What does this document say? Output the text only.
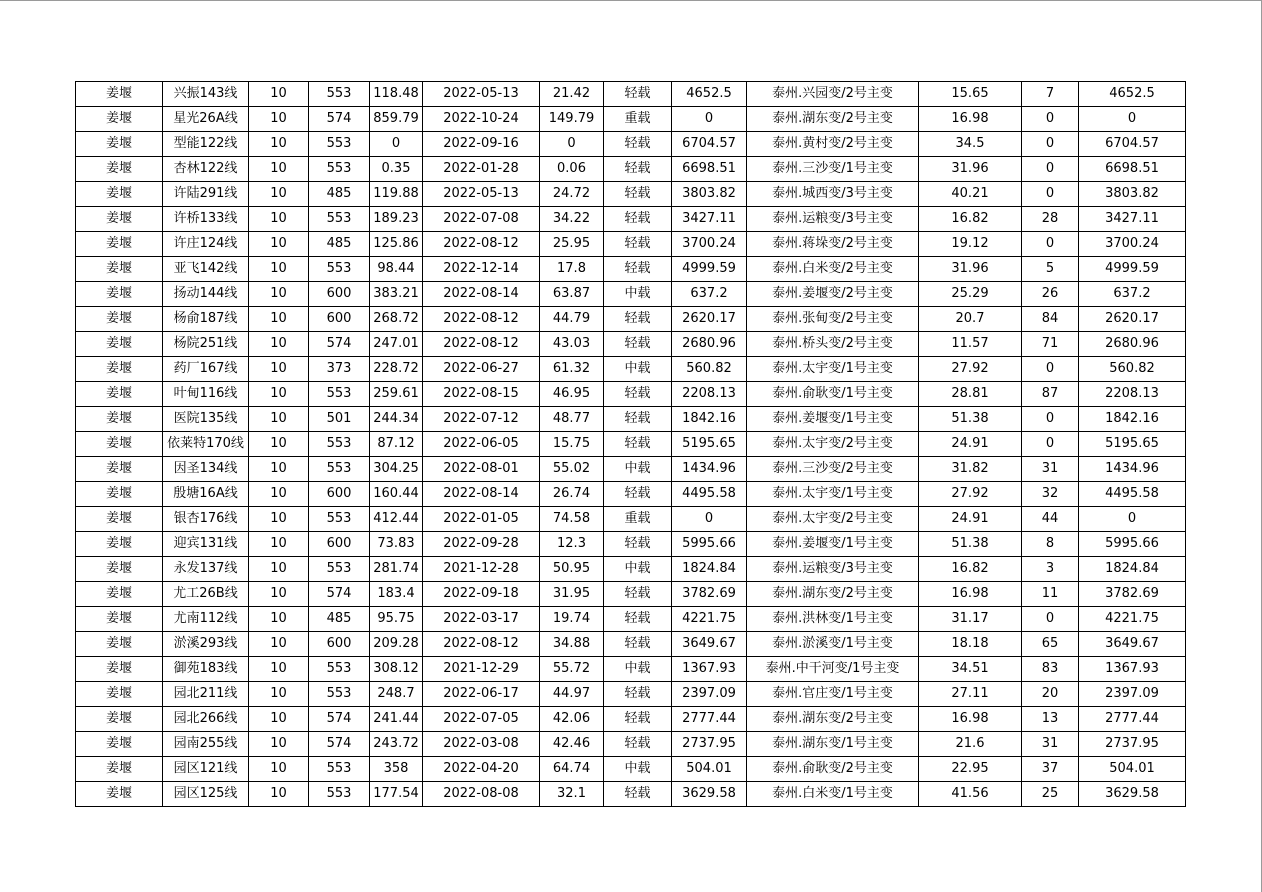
姜堰	兴振143线	10	553	118.48	2022-05-13	21.42	轻载	4652.5	泰州.兴园变/2号主变	15.65	7	4652.5
姜堰	星光26A线	10	574	859.79	2022-10-24	149.79	重载	0	泰州.湖东变/2号主变	16.98	0	0
姜堰	型能122线	10	553	0	2022-09-16	0	轻载	6704.57	泰州.黄村变/2号主变	34.5	0	6704.57
姜堰	杏林122线	10	553	0.35	2022-01-28	0.06	轻载	6698.51	泰州.三沙变/1号主变	31.96	0	6698.51
姜堰	许陆291线	10	485	119.88	2022-05-13	24.72	轻载	3803.82	泰州.城西变/3号主变	40.21	0	3803.82
姜堰	许桥133线	10	553	189.23	2022-07-08	34.22	轻载	3427.11	泰州.运粮变/3号主变	16.82	28	3427.11
姜堰	许庄124线	10	485	125.86	2022-08-12	25.95	轻载	3700.24	泰州.蒋垛变/2号主变	19.12	0	3700.24
姜堰	亚飞142线	10	553	98.44	2022-12-14	17.8	轻载	4999.59	泰州.白米变/2号主变	31.96	5	4999.59
姜堰	扬动144线	10	600	383.21	2022-08-14	63.87	中载	637.2	泰州.姜堰变/2号主变	25.29	26	637.2
姜堰	杨俞187线	10	600	268.72	2022-08-12	44.79	轻载	2620.17	泰州.张甸变/2号主变	20.7	84	2620.17
姜堰	杨院251线	10	574	247.01	2022-08-12	43.03	轻载	2680.96	泰州.桥头变/2号主变	11.57	71	2680.96
姜堰	药厂167线	10	373	228.72	2022-06-27	61.32	中载	560.82	泰州.太宇变/1号主变	27.92	0	560.82
姜堰	叶甸116线	10	553	259.61	2022-08-15	46.95	轻载	2208.13	泰州.俞耿变/1号主变	28.81	87	2208.13
姜堰	医院135线	10	501	244.34	2022-07-12	48.77	轻载	1842.16	泰州.姜堰变/1号主变	51.38	0	1842.16
姜堰	依莱特170线	10	553	87.12	2022-06-05	15.75	轻载	5195.65	泰州.太宇变/2号主变	24.91	0	5195.65
姜堰	因圣134线	10	553	304.25	2022-08-01	55.02	中载	1434.96	泰州.三沙变/2号主变	31.82	31	1434.96
姜堰	殷塘16A线	10	600	160.44	2022-08-14	26.74	轻载	4495.58	泰州.太宇变/1号主变	27.92	32	4495.58
姜堰	银杏176线	10	553	412.44	2022-01-05	74.58	重载	0	泰州.太宇变/2号主变	24.91	44	0
姜堰	迎宾131线	10	600	73.83	2022-09-28	12.3	轻载	5995.66	泰州.姜堰变/1号主变	51.38	8	5995.66
姜堰	永发137线	10	553	281.74	2021-12-28	50.95	中载	1824.84	泰州.运粮变/3号主变	16.82	3	1824.84
姜堰	尤工26B线	10	574	183.4	2022-09-18	31.95	轻载	3782.69	泰州.湖东变/2号主变	16.98	11	3782.69
姜堰	尤南112线	10	485	95.75	2022-03-17	19.74	轻载	4221.75	泰州.洪林变/1号主变	31.17	0	4221.75
姜堰	淤溪293线	10	600	209.28	2022-08-12	34.88	轻载	3649.67	泰州.淤溪变/1号主变	18.18	65	3649.67
姜堰	御苑183线	10	553	308.12	2021-12-29	55.72	中载	1367.93	泰州.中干河变/1号主变	34.51	83	1367.93
姜堰	园北211线	10	553	248.7	2022-06-17	44.97	轻载	2397.09	泰州.官庄变/1号主变	27.11	20	2397.09
姜堰	园北266线	10	574	241.44	2022-07-05	42.06	轻载	2777.44	泰州.湖东变/2号主变	16.98	13	2777.44
姜堰	园南255线	10	574	243.72	2022-03-08	42.46	轻载	2737.95	泰州.湖东变/1号主变	21.6	31	2737.95
姜堰	园区121线	10	553	358	2022-04-20	64.74	中载	504.01	泰州.俞耿变/2号主变	22.95	37	504.01
姜堰	园区125线	10	553	177.54	2022-08-08	32.1	轻载	3629.58	泰州.白米变/1号主变	41.56	25	3629.58
